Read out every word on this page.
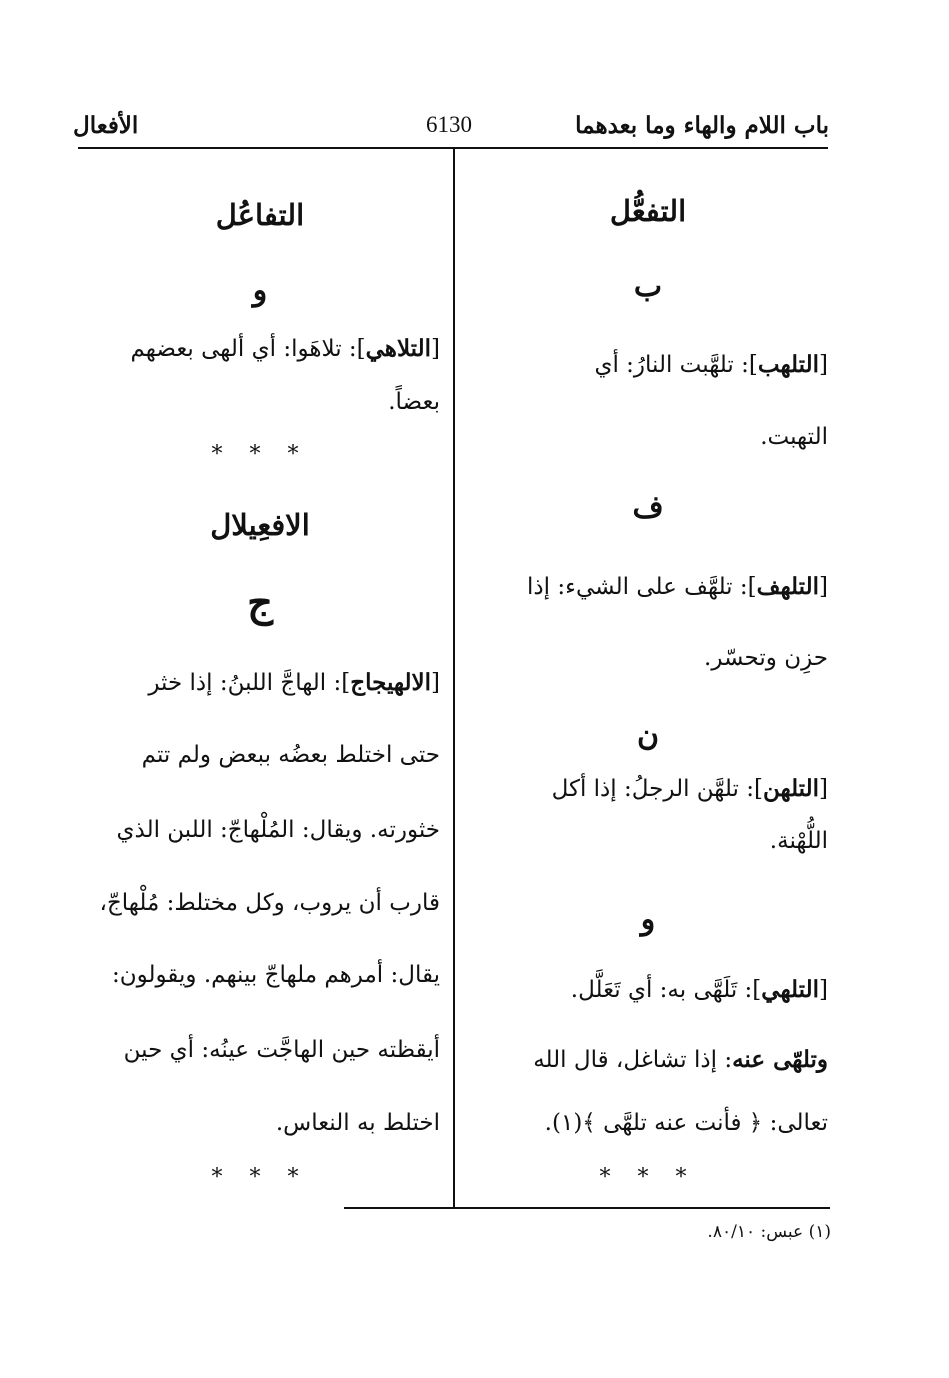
باب اللام والهاء وما بعدهما
6130
الأفعال
التفعُّل
ب
[التلهب]: تلهَّبت النارُ: أي
التهبت.
ف
[التلهف]: تلهَّف على الشيء: إذا
حزِن وتحسّر.
ن
[التلهن]: تلهَّن الرجلُ: إذا أكل
اللُّهْنة.
و
[التلهي]: تَلَهَّى به: أي تَعَلَّل.
وتلهّى عنه: إذا تشاغل، قال الله
تعالى: ﴿ فأنت عنه تلهَّى ﴾(١).
* * *
التفاعُل
و
[التلاهي]: تلاهَوا: أي ألهى بعضهم
بعضاً.
* * *
الافعِيلال
ج
[الالهيجاج]: الهاجَّ اللبنُ: إذا خثر
حتى اختلط بعضُه ببعض ولم تتم
خثورته. ويقال: المُلْهاجّ: اللبن الذي
قارب أن يروب، وكل مختلط: مُلْهاجّ،
يقال: أمرهم ملهاجّ بينهم. ويقولون:
أيقظته حين الهاجَّت عينُه: أي حين
اختلط به النعاس.
* * *
(١) عبس: ٨٠/١٠.
